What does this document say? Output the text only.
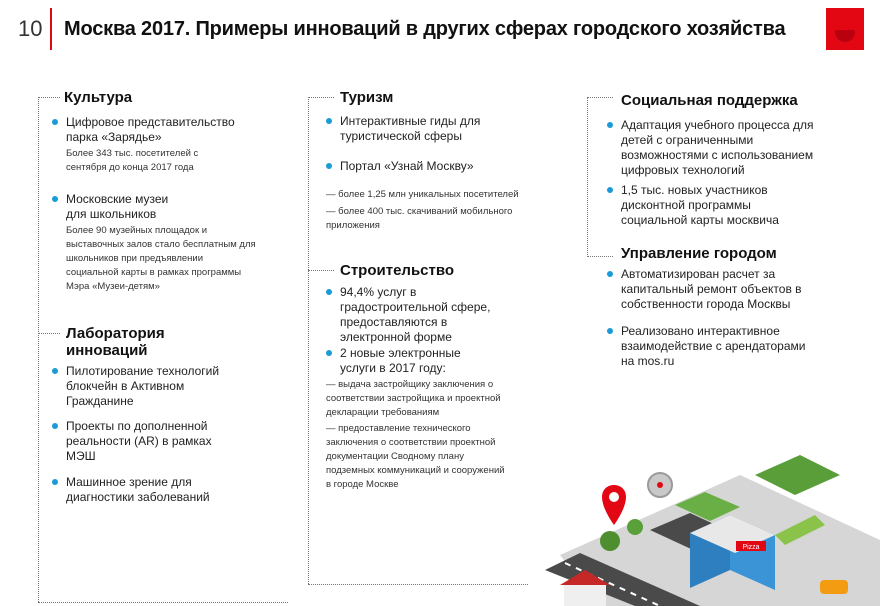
10 Москва 2017. Примеры инноваций в других сферах городского хозяйства
Культура
Цифровое представительство парка «Зарядье»
Более 343 тыс. посетителей с сентября до конца 2017 года
Московские музеи для школьников
Более 90 музейных площадок и выставочных залов стало бесплатным для школьников при предъявлении социальной карты в рамках программы Мэра «Музеи-детям»
Лаборатория инноваций
Пилотирование технологий блокчейн в Активном Гражданине
Проекты по дополненной реальности (AR) в рамках МЭШ
Машинное зрение для диагностики заболеваний
Туризм
Интерактивные гиды для туристической сферы
Портал «Узнай Москву»
— более 1,25 млн уникальных посетителей
— более 400 тыс. скачиваний мобильного приложения
Строительство
94,4% услуг в градостроительной сфере, предоставляются в электронной форме
2 новые электронные услуги в 2017 году:
— выдача застройщику заключения о соответствии застройщика и проектной декларации требованиям
— предоставление технического заключения о соответствии проектной документации Сводному плану подземных коммуникаций и сооружений в городе Москве
Социальная поддержка
Адаптация учебного процесса для детей с ограниченными возможностями с использованием цифровых технологий
1,5 тыс. новых участников дисконтной программы социальной карты москвича
Управление городом
Автоматизирован расчет за капитальный ремонт объектов в собственности города Москвы
Реализовано интерактивное взаимодействие с арендаторами на mos.ru
Pizza
